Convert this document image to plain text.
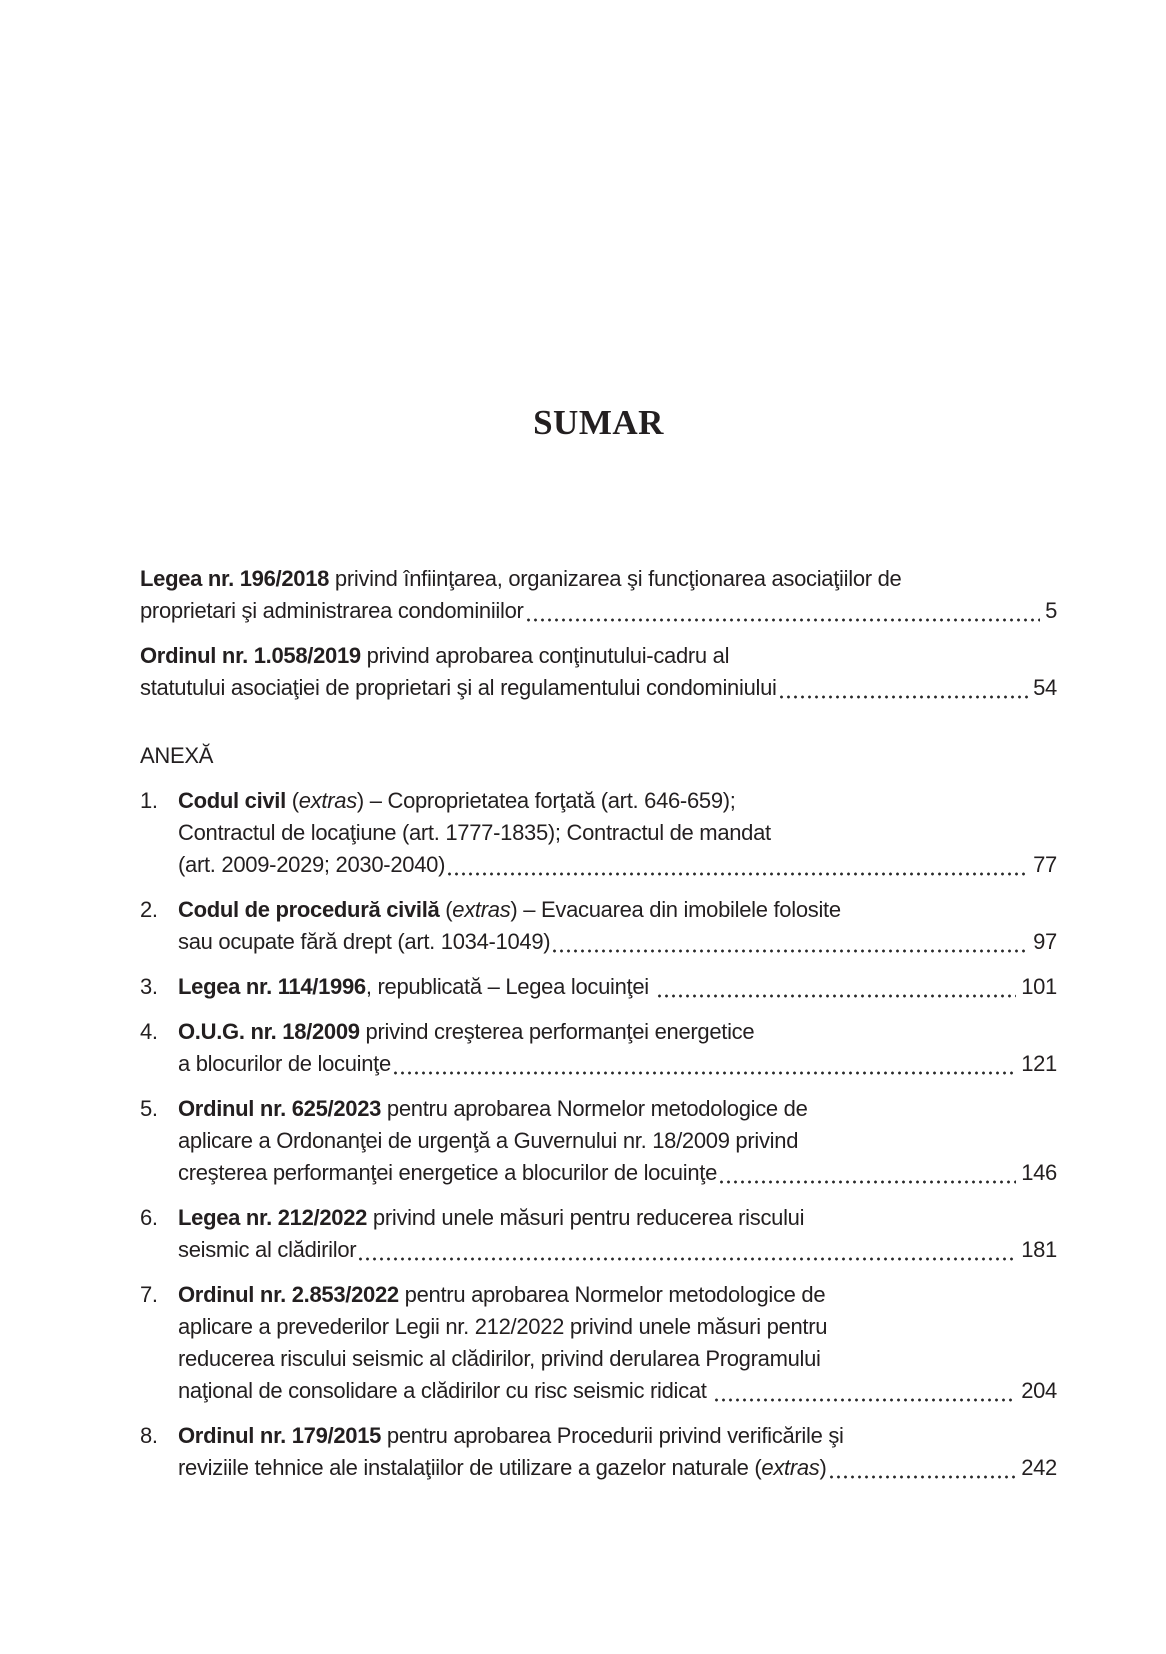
SUMAR
Legea nr. 196/2018 privind înfiinţarea, organizarea şi funcţionarea asociaţiilor de
proprietari şi administrarea condominiilor	5
Ordinul nr. 1.058/2019 privind aprobarea conţinutului-cadru al
statutului asociaţiei de proprietari şi al regulamentului condominiului	54
ANEXĂ
1. Codul civil (extras) – Coproprietatea forţată (art. 646-659);
Contractul de locaţiune (art. 1777-1835); Contractul de mandat
(art. 2009-2029; 2030-2040)	77
2. Codul de procedură civilă (extras) – Evacuarea din imobilele folosite
sau ocupate fără drept (art. 1034-1049)	97
3. Legea nr. 114/1996, republicată – Legea locuinţei	101
4. O.U.G. nr. 18/2009 privind creşterea performanţei energetice
a blocurilor de locuinţe	121
5. Ordinul nr. 625/2023 pentru aprobarea Normelor metodologice de
aplicare a Ordonanţei de urgenţă a Guvernului nr. 18/2009 privind
creşterea performanţei energetice a blocurilor de locuinţe	146
6. Legea nr. 212/2022 privind unele măsuri pentru reducerea riscului
seismic al clădirilor	181
7. Ordinul nr. 2.853/2022 pentru aprobarea Normelor metodologice de
aplicare a prevederilor Legii nr. 212/2022 privind unele măsuri pentru
reducerea riscului seismic al clădirilor, privind derularea Programului
naţional de consolidare a clădirilor cu risc seismic ridicat	204
8. Ordinul nr. 179/2015 pentru aprobarea Procedurii privind verificările şi
reviziile tehnice ale instalaţiilor de utilizare a gazelor naturale (extras)	242
